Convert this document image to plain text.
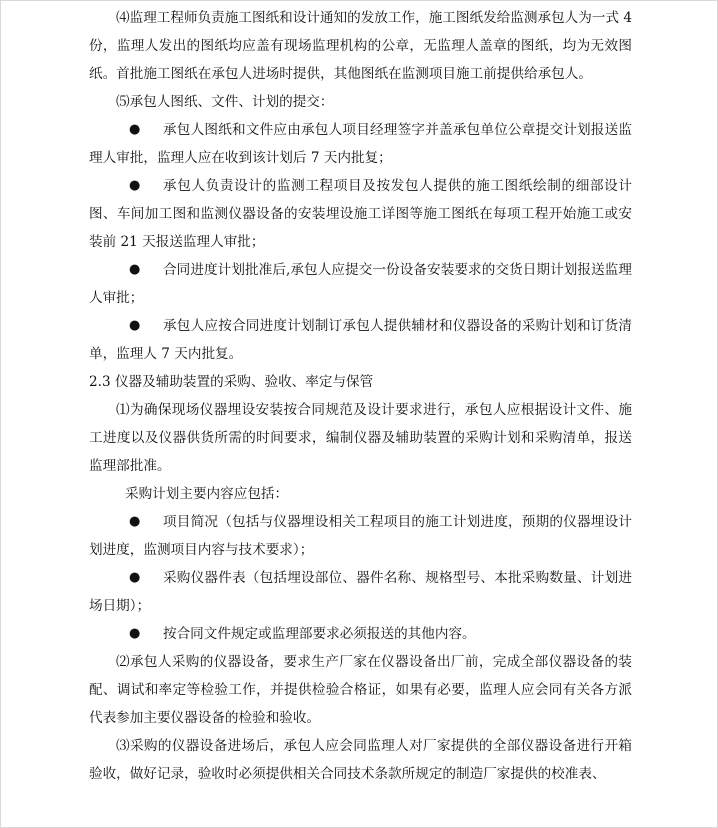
⑷监理工程师负责施工图纸和设计通知的发放工作，施工图纸发给监测承包人为一式 4 份，监理人发出的图纸均应盖有现场监理机构的公章，无监理人盖章的图纸，均为无效图纸。首批施工图纸在承包人进场时提供，其他图纸在监测项目施工前提供给承包人。

⑸承包人图纸、文件、计划的提交：

● 承包人图纸和文件应由承包人项目经理签字并盖承包单位公章提交计划报送监理人审批，监理人应在收到该计划后 7 天内批复；

● 承包人负责设计的监测工程项目及按发包人提供的施工图纸绘制的细部设计图、车间加工图和监测仪器设备的安装埋设施工详图等施工图纸在每项工程开始施工或安装前 21 天报送监理人审批；

● 合同进度计划批准后,承包人应提交一份设备安装要求的交货日期计划报送监理人审批；

● 承包人应按合同进度计划制订承包人提供辅材和仪器设备的采购计划和订货清单，监理人 7 天内批复。

2.3 仪器及辅助装置的采购、验收、率定与保管

⑴为确保现场仪器埋设安装按合同规范及设计要求进行，承包人应根据设计文件、施工进度以及仪器供货所需的时间要求，编制仪器及辅助装置的采购计划和采购清单，报送监理部批准。

采购计划主要内容应包括：

● 项目简况（包括与仪器埋设相关工程项目的施工计划进度，预期的仪器埋设计划进度，监测项目内容与技术要求）；

● 采购仪器件表（包括埋设部位、器件名称、规格型号、本批采购数量、计划进场日期）；

● 按合同文件规定或监理部要求必须报送的其他内容。

⑵承包人采购的仪器设备，要求生产厂家在仪器设备出厂前，完成全部仪器设备的装配、调试和率定等检验工作，并提供检验合格证，如果有必要，监理人应会同有关各方派代表参加主要仪器设备的检验和验收。

⑶采购的仪器设备进场后，承包人应会同监理人对厂家提供的全部仪器设备进行开箱验收，做好记录，验收时必须提供相关合同技术条款所规定的制造厂家提供的校准表、
